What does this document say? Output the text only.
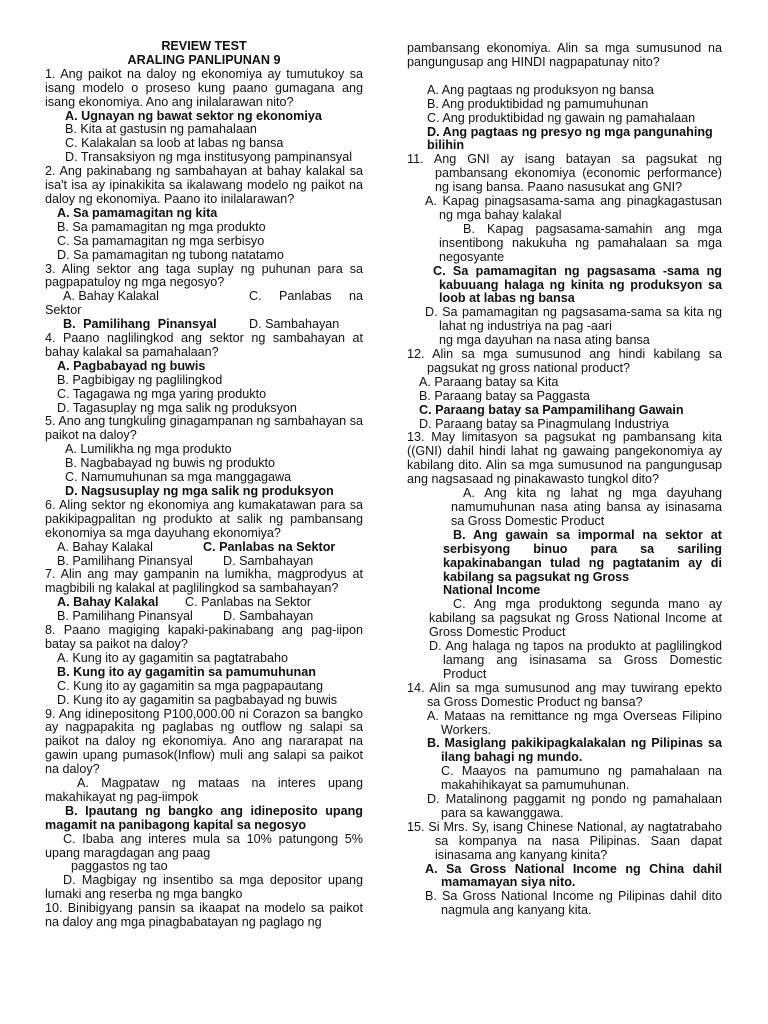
REVIEW TEST
ARALING PANLIPUNAN 9
1. Ang paikot na daloy ng ekonomiya ay tumutukoy sa isang modelo o proseso kung paano gumagana ang isang ekonomiya. Ano ang inilalarawan nito?
A. Ugnayan ng bawat sektor ng ekonomiya
B. Kita at gastusin ng pamahalaan
C. Kalakalan sa loob at labas ng bansa
D. Transaksiyon ng mga institusyong pampinansyal
2. Ang pakinabang ng sambahayan at bahay kalakal sa isa't isa ay ipinakikita sa ikalawang modelo ng paikot na daloy ng ekonomiya. Paano ito inilalarawan?
A. Sa pamamagitan ng kita
B. Sa pamamagitan ng mga produkto
C. Sa pamamagitan ng mga serbisyo
D. Sa pamamagitan ng tubong natatamo
3. Aling sektor ang taga suplay ng puhunan para sa pagpapatuloy ng mga negosyo?
A. Bahay Kalakal	C. Panlabas na
Sektor
B. Pamilihang Pinansyal	D. Sambahayan
4. Paano naglilingkod ang sektor ng sambahayan at bahay kalakal sa pamahalaan?
A. Pagbabayad ng buwis
B. Pagbibigay ng paglilingkod
C. Tagagawa ng mga yaring produkto
D. Tagasuplay ng mga salik ng produksyon
5. Ano ang tungkuling ginagampanan ng sambahayan sa paikot na daloy?
A. Lumilikha ng mga produkto
B. Nagbabayad ng buwis ng produkto
C. Namumuhunan sa mga manggagawa
D. Nagsusuplay ng mga salik ng produksyon
6. Aling sektor ng ekonomiya ang kumakatawan para sa pakikipagpalitan ng produkto at salik ng pambansang ekonomiya sa mga dayuhang ekonomiya?
A. Bahay Kalakal	C. Panlabas na Sektor
B. Pamilihang Pinansyal	D. Sambahayan
7. Alin ang may gampanin na lumikha, magprodyus at magbibili ng kalakal at paglilingkod sa sambahayan?
A. Bahay Kalakal	C. Panlabas na Sektor
B. Pamilihang Pinansyal	D. Sambahayan
8. Paano magiging kapaki-pakinabang ang pag-iipon batay sa paikot na daloy?
A. Kung ito ay gagamitin sa pagtatrabaho
B. Kung ito ay gagamitin sa pamumuhunan
C. Kung ito ay gagamitin sa mga pagpapautang
D. Kung ito ay gagamitin sa pagbabayad ng buwis
9. Ang idinepositong P100,000.00 ni Corazon sa bangko ay nagpapakita ng paglabas ng outflow ng salapi sa paikot na daloy ng ekonomiya. Ano ang nararapat na gawin upang pumasok(Inflow) muli ang salapi sa paikot na daloy?
A. Magpataw ng mataas na interes upang makahikayat ng pag-iimpok
B. Ipautang ng bangko ang idineposito upang magamit na panibagong kapital sa negosyo
C. Ibaba ang interes mula sa 10% patungong 5% upang maragdagan ang paag
paggastos ng tao
D. Magbigay ng insentibo sa mga depositor upang lumaki ang reserba ng mga bangko
10. Binibigyang pansin sa ikaapat na modelo sa paikot na daloy ang mga pinagbabatayan ng paglago ng
pambansang ekonomiya. Alin sa mga sumusunod na pangungusap ang HINDI nagpapatunay nito?
A. Ang pagtaas ng produksyon ng bansa
B. Ang produktibidad ng pamumuhunan
C. Ang produktibidad ng gawain ng pamahalaan
D. Ang pagtaas ng presyo ng mga pangunahing bilihin
11. Ang GNI ay isang batayan sa pagsukat ng pambansang ekonomiya (economic performance) ng isang bansa. Paano nasusukat ang GNI?
A. Kapag pinagsasama-sama ang pinagkagastusan ng mga bahay kalakal
B. Kapag pagsasama-samahin ang mga insentibong nakukuha ng pamahalaan sa mga negosyante
C. Sa pamamagitan ng pagsasama -sama ng kabuuang halaga ng kinita ng produksyon sa loob at labas ng bansa
D. Sa pamamagitan ng pagsasama-sama sa kita ng lahat ng industriya na pag -aari
ng mga dayuhan na nasa ating bansa
12. Alin sa mga sumusunod ang hindi kabilang sa pagsukat ng gross national product?
A. Paraang batay sa Kita
B. Paraang batay sa Paggasta
C. Paraang batay sa Pampamilihang Gawain
D. Paraang batay sa Pinagmulang Industriya
13. May limitasyon sa pagsukat ng pambansang kita ((GNI) dahil hindi lahat ng gawaing pangekonomiya ay kabilang dito. Alin sa mga sumusunod na pangungusap ang nagsasaad ng pinakawasto tungkol dito?
A. Ang kita ng lahat ng mga dayuhang namumuhunan nasa ating bansa ay isinasama sa Gross Domestic Product
B. Ang gawain sa impormal na sektor at serbisyong binuo para sa sariling kapakinabangan tulad ng pagtatanim ay di kabilang sa pagsukat ng Gross
National Income
C. Ang mga produktong segunda mano ay kabilang sa pagsukat ng Gross National Income at Gross Domestic Product
D. Ang halaga ng tapos na produkto at paglilingkod lamang ang isinasama sa Gross Domestic Product
14. Alin sa mga sumusunod ang may tuwirang epekto sa Gross Domestic Product ng bansa?
A. Mataas na remittance ng mga Overseas Filipino Workers.
B. Masiglang pakikipagkalakalan ng Pilipinas sa ilang bahagi ng mundo.
C. Maayos na pamumuno ng pamahalaan na makahihikayat sa pamumuhunan.
D. Matalinong paggamit ng pondo ng pamahalaan para sa kawanggawa.
15. Si Mrs. Sy, isang Chinese National, ay nagtatrabaho sa kompanya na nasa Pilipinas. Saan dapat isinasama ang kanyang kinita?
A. Sa Gross National Income ng China dahil mamamayan siya nito.
B. Sa Gross National Income ng Pilipinas dahil dito nagmula ang kanyang kita.
